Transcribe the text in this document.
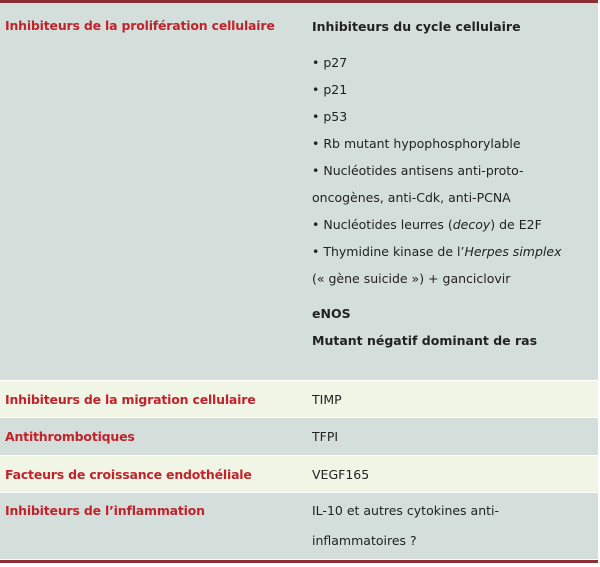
Inhibiteurs de la prolifération cellulaire	Inhibiteurs du cycle cellulaire
• p27
• p21
• p53
• Rb mutant hypophosphorylable
• Nucléotides antisens anti-proto-
oncogènes, anti-Cdk, anti-PCNA
• Nucléotides leurres (decoy) de E2F
• Thymidine kinase de l’Herpes simplex
(« gène suicide ») + ganciclovir
eNOS
Mutant négatif dominant de ras
Inhibiteurs de la migration cellulaire	TIMP
Antithrombotiques	TFPI
Facteurs de croissance endothéliale	VEGF165
Inhibiteurs de l’inflammation	IL-10 et autres cytokines anti-
inflammatoires ?
